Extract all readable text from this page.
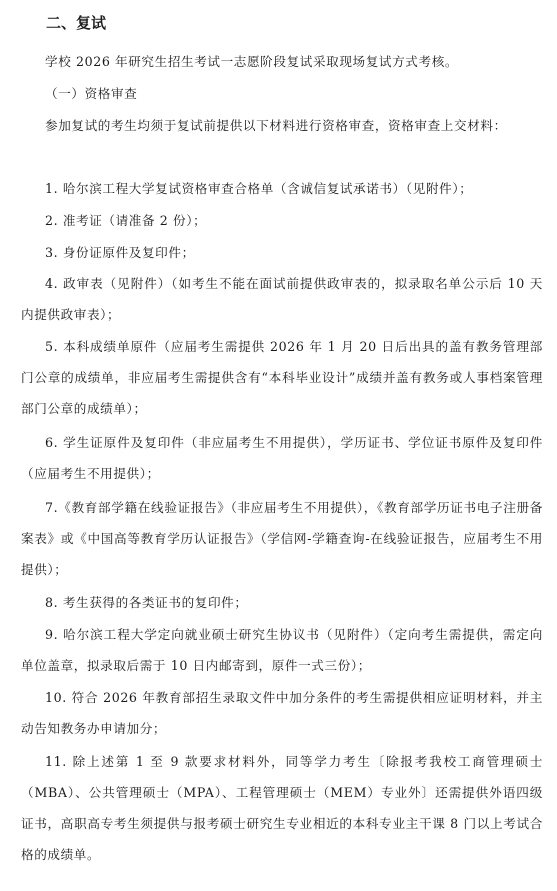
二、复试

学校 2026 年研究生招生考试一志愿阶段复试采取现场复试方式考核。

（一）资格审查

参加复试的考生均须于复试前提供以下材料进行资格审查，资格审查上交材料：

1. 哈尔滨工程大学复试资格审查合格单（含诚信复试承诺书）（见附件）；

2. 准考证（请准备 2 份）；

3. 身份证原件及复印件；

4. 政审表（见附件）（如考生不能在面试前提供政审表的，拟录取名单公示后 10 天内提供政审表）；

5. 本科成绩单原件（应届考生需提供 2026 年 1 月 20 日后出具的盖有教务管理部门公章的成绩单，非应届考生需提供含有“本科毕业设计”成绩并盖有教务或人事档案管理部门公章的成绩单）；

6. 学生证原件及复印件（非应届考生不用提供），学历证书、学位证书原件及复印件（应届考生不用提供）；

7.《教育部学籍在线验证报告》（非应届考生不用提供），《教育部学历证书电子注册备案表》或《中国高等教育学历认证报告》（学信网-学籍查询-在线验证报告，应届考生不用提供）；

8. 考生获得的各类证书的复印件；

9. 哈尔滨工程大学定向就业硕士研究生协议书（见附件）（定向考生需提供，需定向单位盖章，拟录取后需于 10 日内邮寄到，原件一式三份）；

10. 符合 2026 年教育部招生录取文件中加分条件的考生需提供相应证明材料，并主动告知教务办申请加分；

11. 除上述第 1 至 9 款要求材料外，同等学力考生〔除报考我校工商管理硕士（MBA）、公共管理硕士（MPA）、工程管理硕士（MEM）专业外〕还需提供外语四级证书，高职高专考生须提供与报考硕士研究生专业相近的本科专业主干课 8 门以上考试合格的成绩单。
